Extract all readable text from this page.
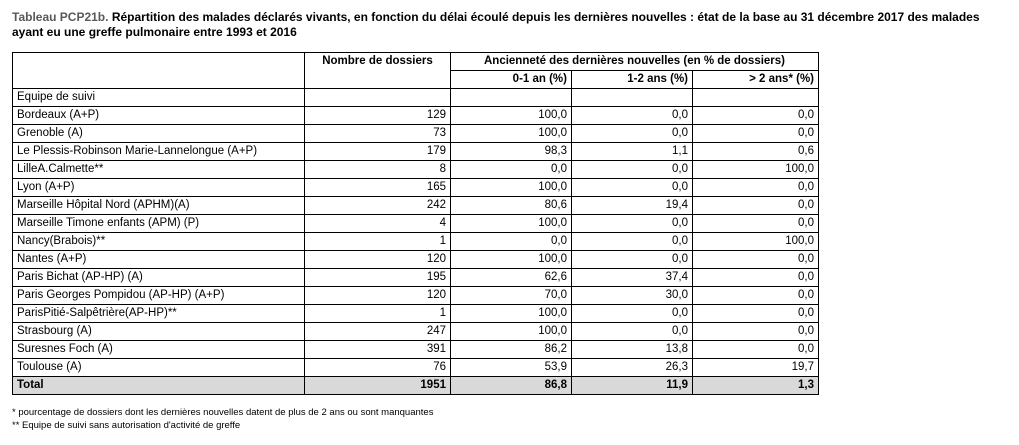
Tableau PCP21b. Répartition des malades déclarés vivants, en fonction du délai écoulé depuis les dernières nouvelles : état de la base au 31 décembre 2017 des malades ayant eu une greffe pulmonaire entre 1993 et 2016
	Nombre de dossiers	Ancienneté des dernières nouvelles (en % de dossiers)		
		0-1 an (%)	1-2 ans (%)	> 2 ans* (%)
Equipe de suivi				
Bordeaux (A+P)	129	100,0	0,0	0,0
Grenoble (A)	73	100,0	0,0	0,0
Le Plessis-Robinson Marie-Lannelongue (A+P)	179	98,3	1,1	0,6
LilleA.Calmette**	8	0,0	0,0	100,0
Lyon (A+P)	165	100,0	0,0	0,0
Marseille Hôpital Nord (APHM)(A)	242	80,6	19,4	0,0
Marseille Timone enfants (APM) (P)	4	100,0	0,0	0,0
Nancy(Brabois)**	1	0,0	0,0	100,0
Nantes (A+P)	120	100,0	0,0	0,0
Paris Bichat (AP-HP) (A)	195	62,6	37,4	0,0
Paris Georges Pompidou (AP-HP) (A+P)	120	70,0	30,0	0,0
ParisPitié-Salpêtrière(AP-HP)**	1	100,0	0,0	0,0
Strasbourg (A)	247	100,0	0,0	0,0
Suresnes Foch (A)	391	86,2	13,8	0,0
Toulouse (A)	76	53,9	26,3	19,7
Total	1951	86,8	11,9	1,3
* pourcentage de dossiers dont les dernières nouvelles datent de plus de 2 ans ou sont manquantes
** Equipe de suivi sans autorisation d'activité de greffe
